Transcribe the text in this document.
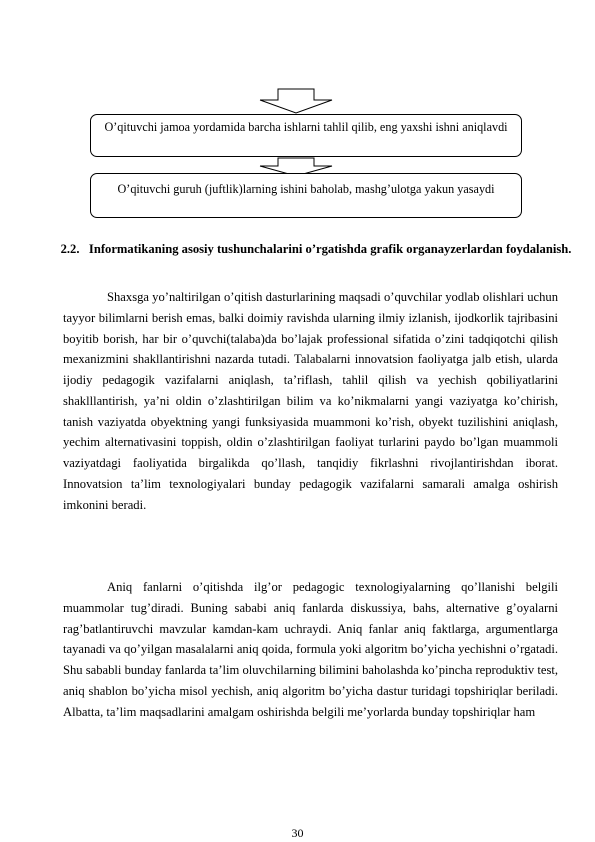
O’qituvchi jamoa yordamida barcha ishlarni tahlil qilib, eng yaxshi ishni aniqlavdi
O’qituvchi guruh (juftlik)larning ishini baholab, mashg’ulotga yakun yasaydi
2.2. Informatikaning asosiy tushunchalarini o’rgatishda grafik organayzerlardan foydalanish.

Shaxsga yo’naltirilgan o’qitish dasturlarining maqsadi o’quvchilar yodlab olishlari uchun tayyor bilimlarni berish emas, balki doimiy ravishda ularning ilmiy izlanish, ijodkorlik tajribasini boyitib borish, har bir o’quvchi(talaba)da bo’lajak professional sifatida o’zini tadqiqotchi qilish mexanizmini shakllantirishni nazarda tutadi. Talabalarni innovatsion faoliyatga jalb etish, ularda ijodiy pedagogik vazifalarni aniqlash, ta’riflash, tahlil qilish va yechish qobiliyatlarini shaklllantirish, ya’ni oldin o’zlashtirilgan bilim va ko’nikmalarni yangi vaziyatga ko’chirish, tanish vaziyatda obyektning yangi funksiyasida muammoni ko’rish, obyekt tuzilishini aniqlash, yechim alternativasini toppish, oldin o’zlashtirilgan faoliyat turlarini paydo bo’lgan muammoli vaziyatdagi faoliyatida birgalikda qo’llash, tanqidiy fikrlashni rivojlantirishdan iborat. Innovatsion ta’lim texnologiyalari bunday pedagogik vazifalarni samarali amalga oshirish imkonini beradi.

Aniq fanlarni o’qitishda ilg’or pedagogic texnologiyalarning qo’llanishi belgili muammolar tug’diradi. Buning sababi aniq fanlarda diskussiya, bahs, alternative g’oyalarni rag’batlantiruvchi mavzular kamdan-kam uchraydi. Aniq fanlar aniq faktlarga, argumentlarga tayanadi va qo’yilgan masalalarni aniq qoida, formula yoki algoritm bo’yicha yechishni o’rgatadi. Shu sababli bunday fanlarda ta’lim oluvchilarning bilimini baholashda ko’pincha reproduktiv test, aniq shablon bo’yicha misol yechish, aniq algoritm bo’yicha dastur turidagi topshiriqlar beriladi. Albatta, ta’lim maqsadlarini amalgam oshirishda belgili me’yorlarda bunday topshiriqlar ham

30
